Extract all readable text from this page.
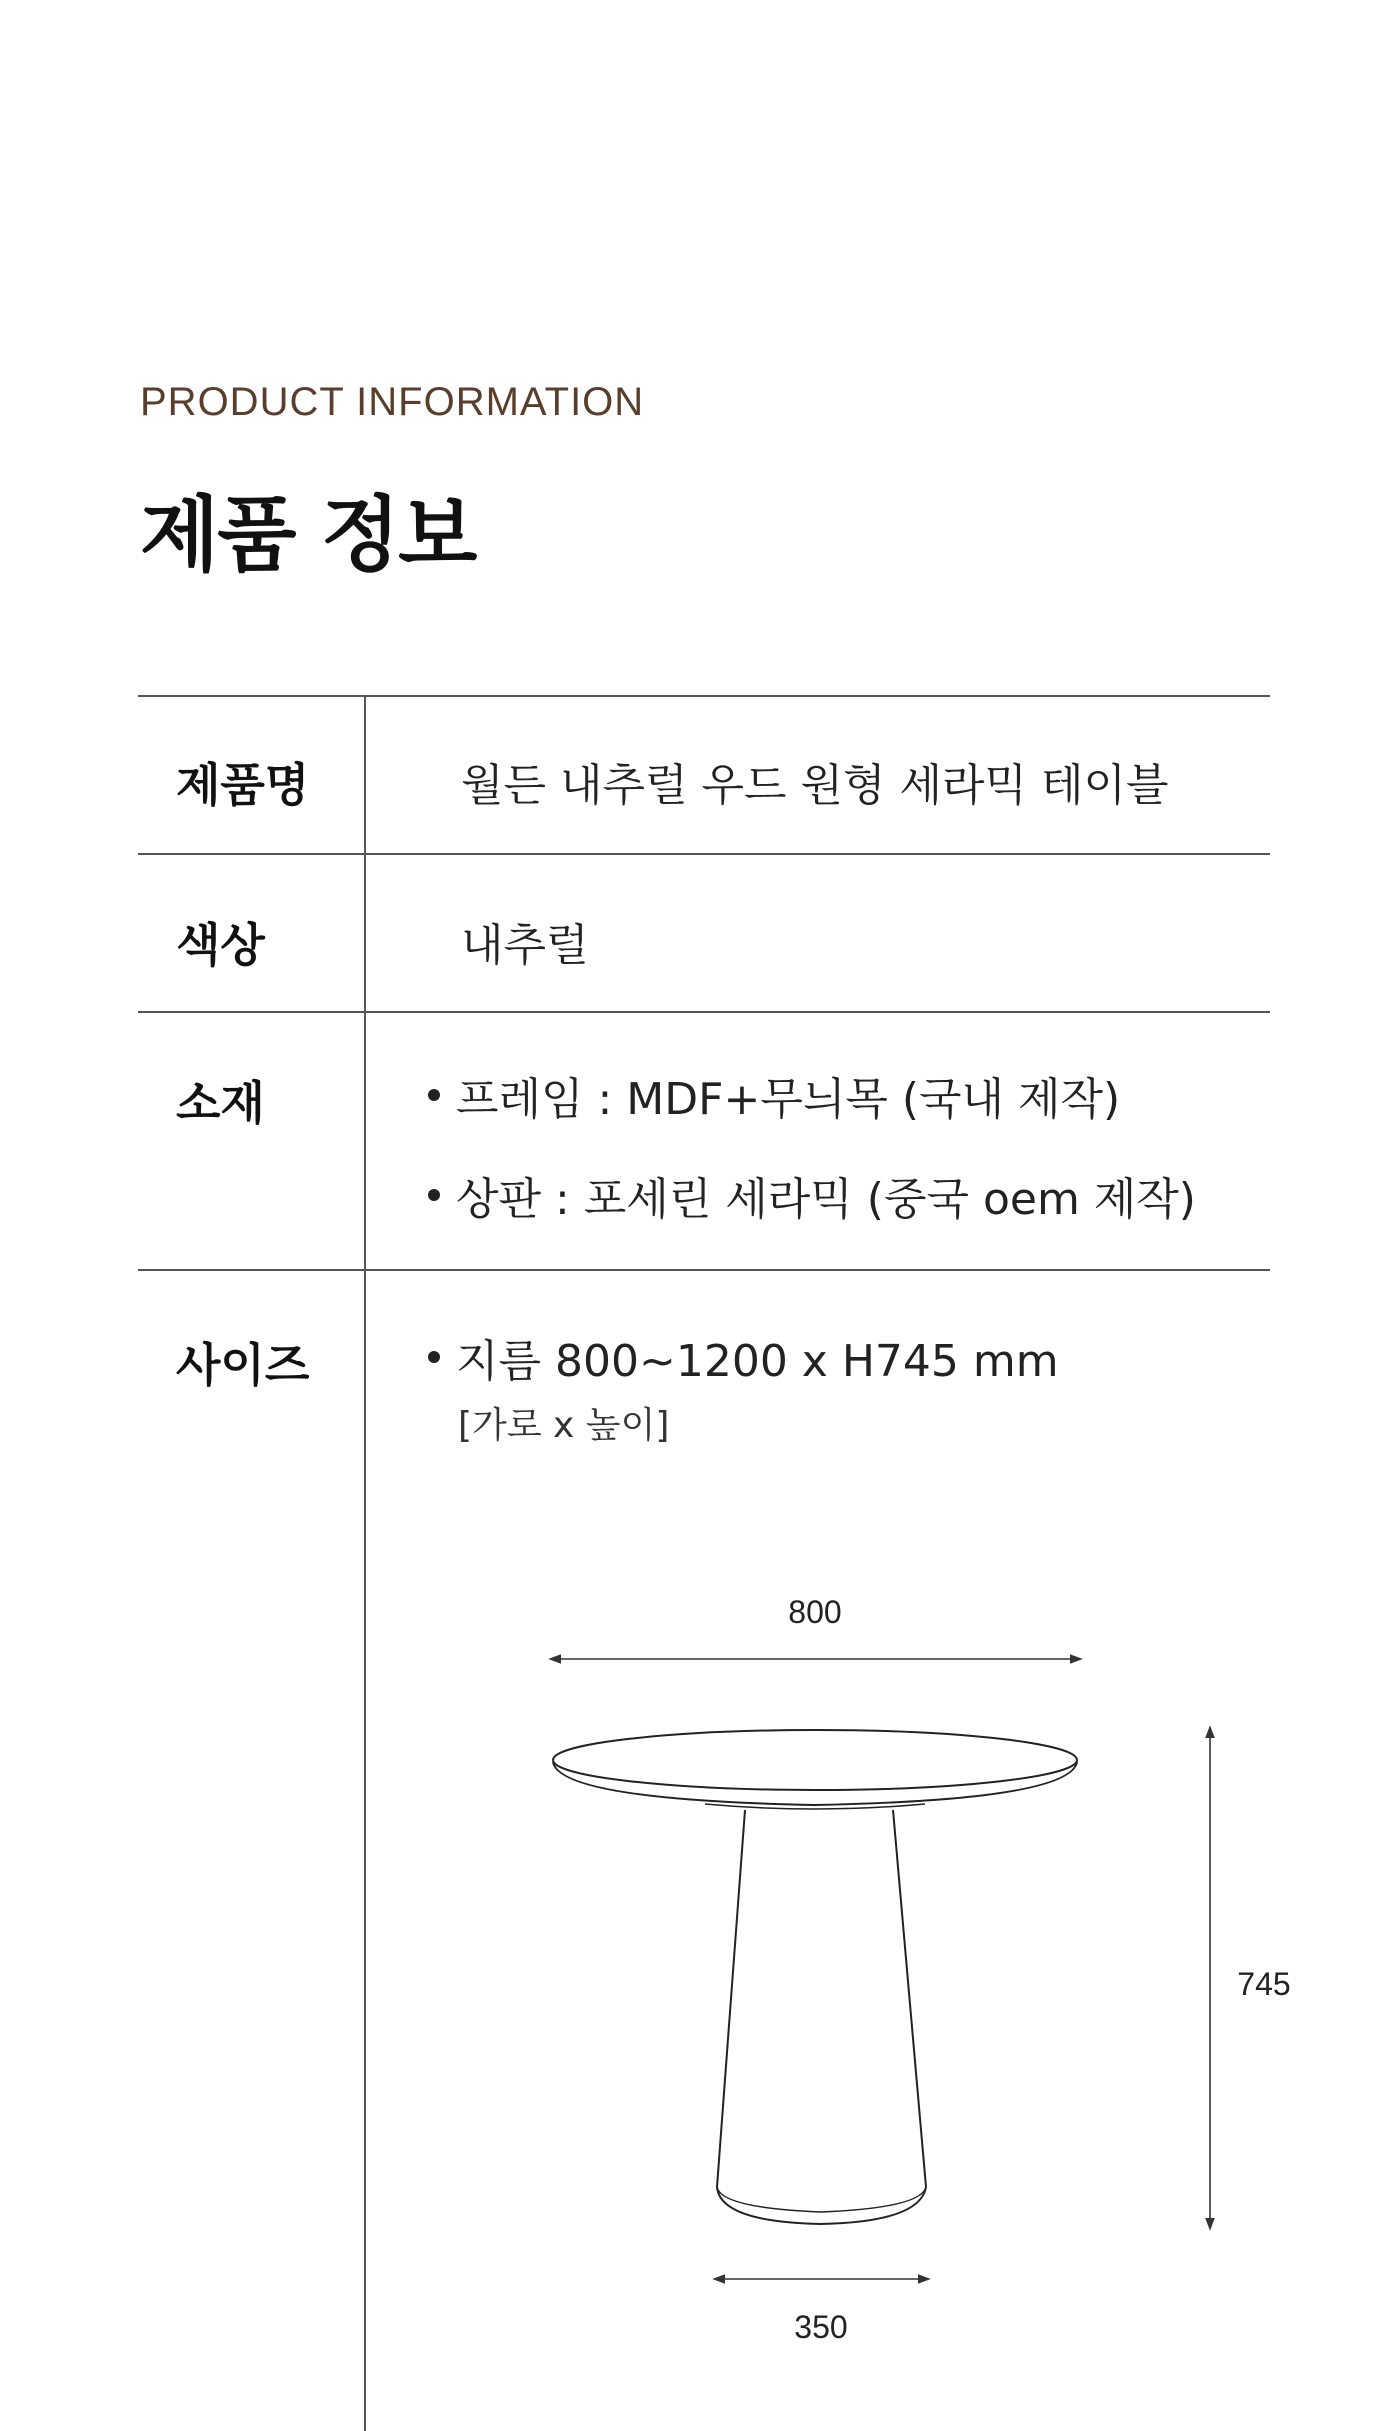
PRODUCT INFORMATION
제품 정보
제품명	월든 내추럴 우드 원형 세라믹 테이블
색상	내추럴
소재	프레임 : MDF+무늬목 (국내 제작)
상판 : 포세린 세라믹 (중국 oem 제작)
사이즈	지름 800~1200 x H745 mm
[가로 x 높이]
800
745
350
